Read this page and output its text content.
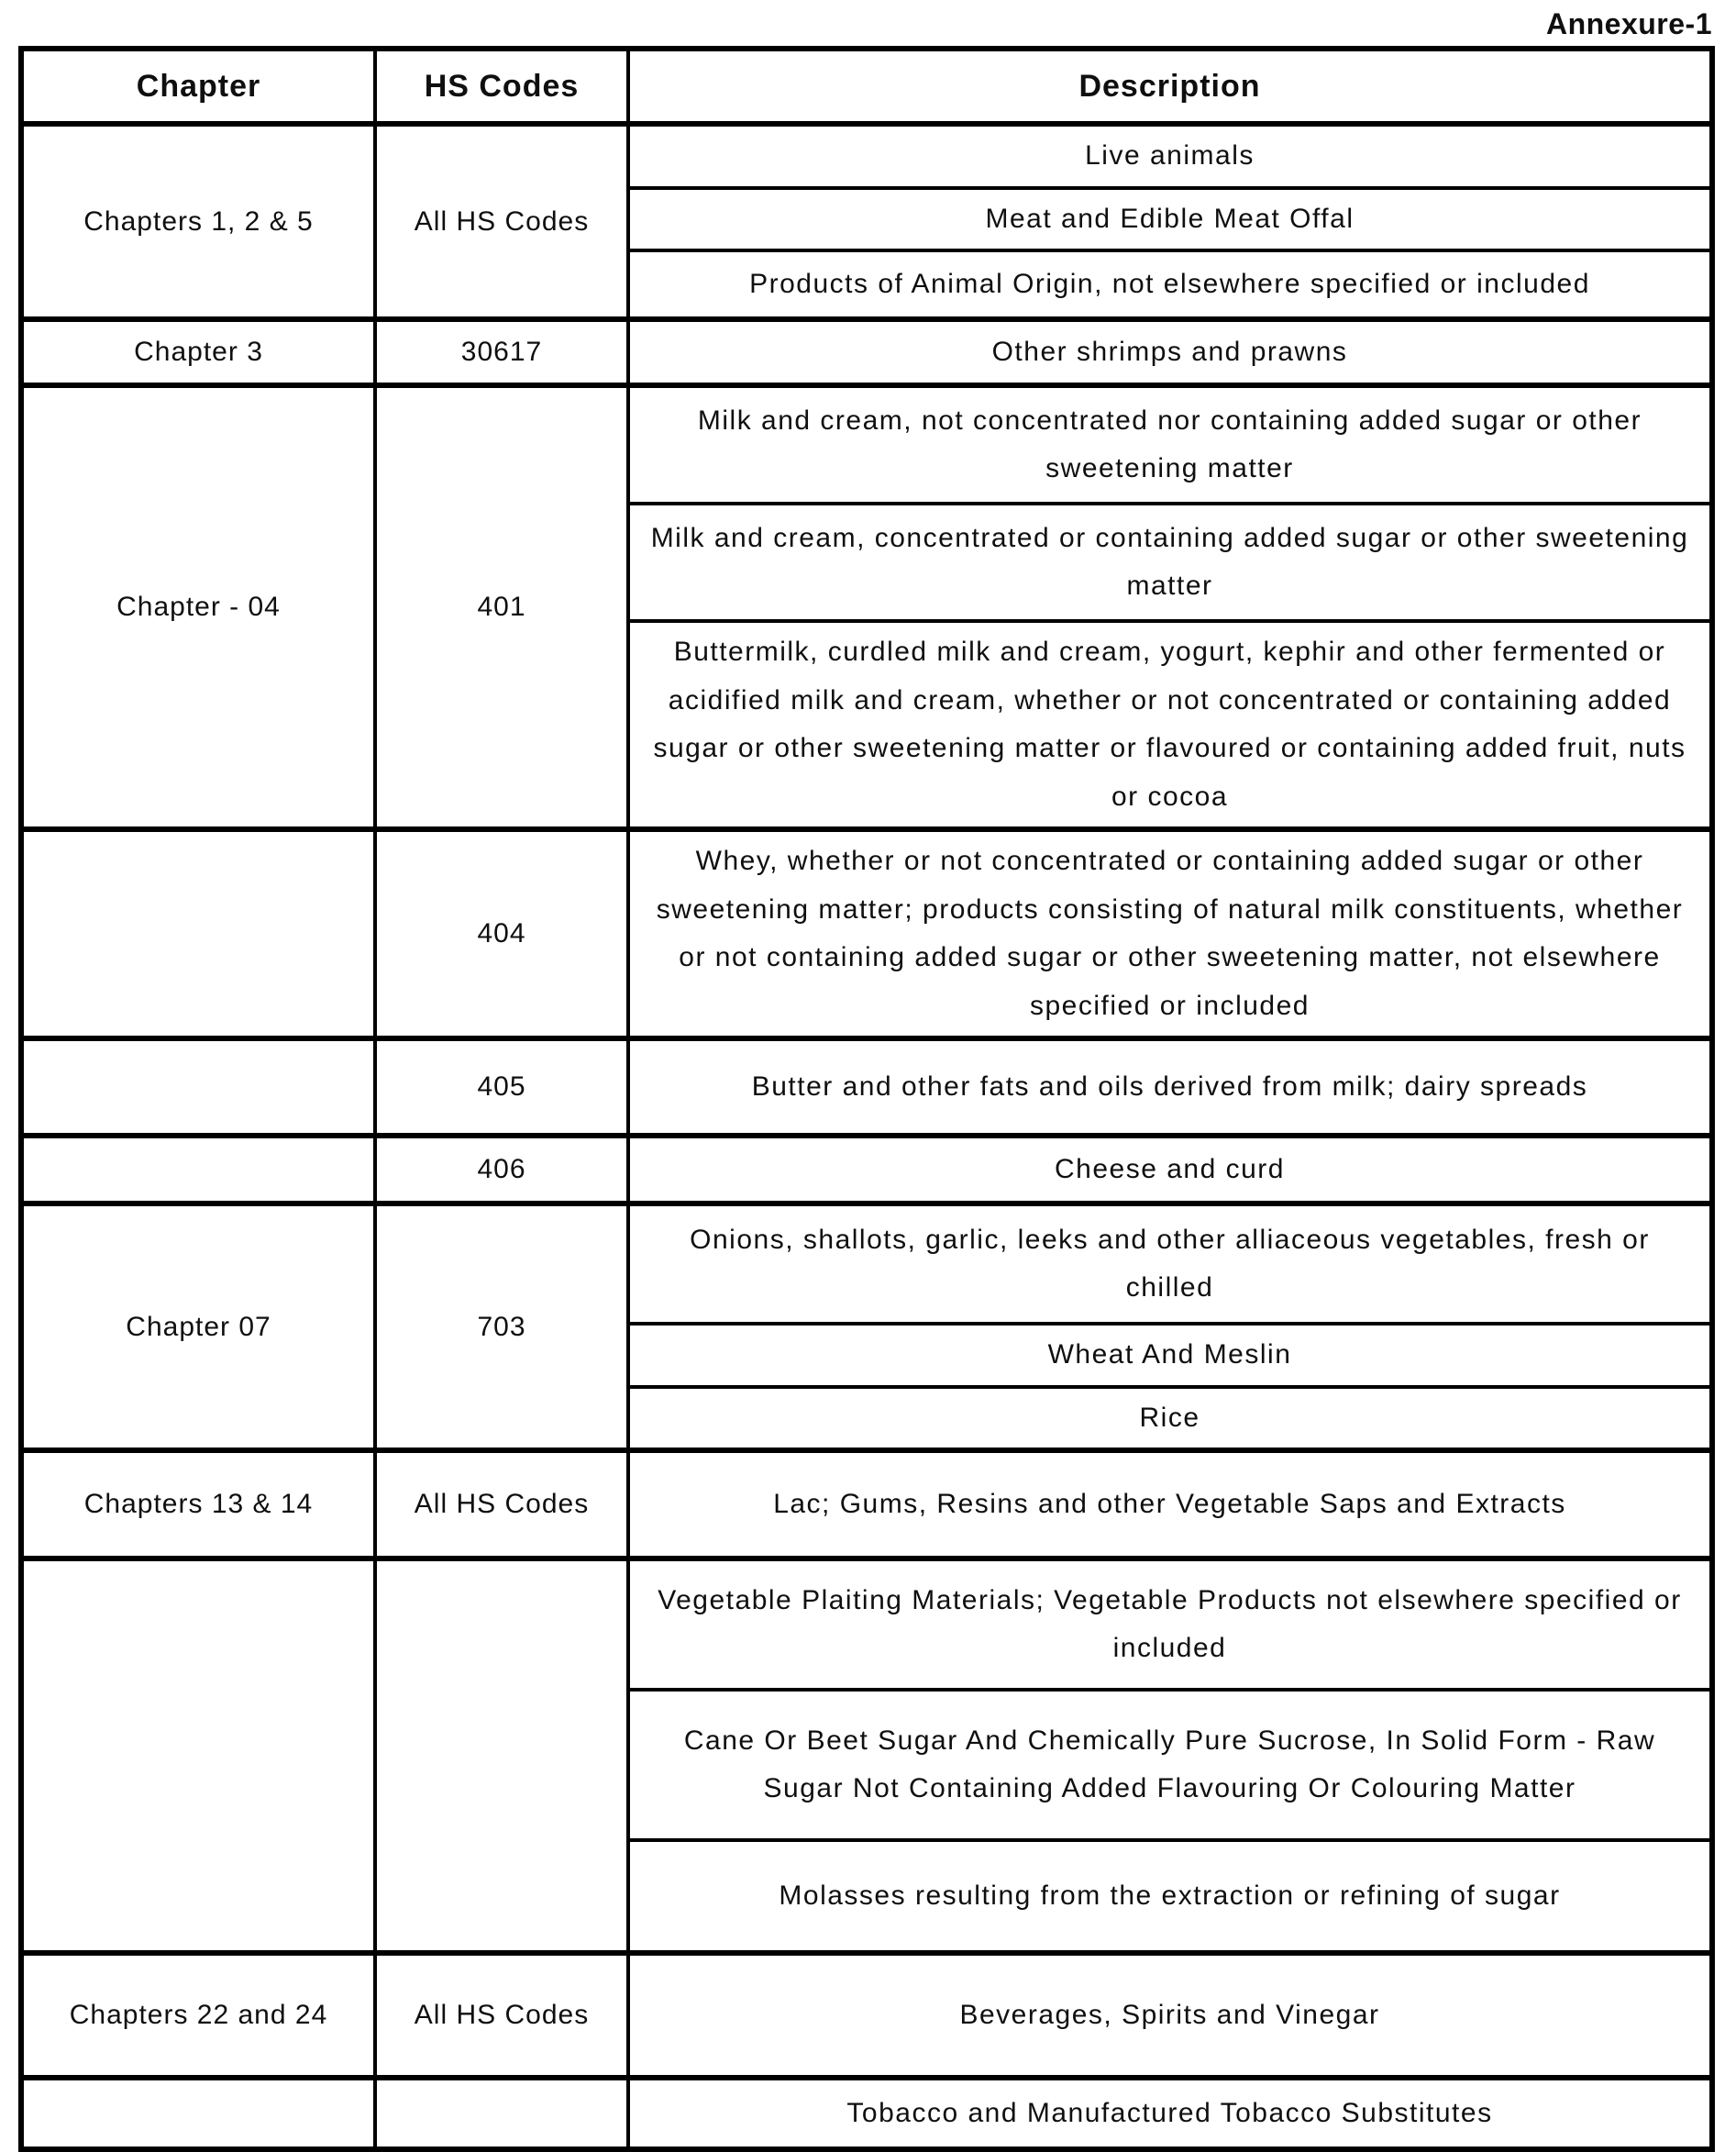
Annexure-1
Chapter	HS Codes	Description
Chapters 1, 2 & 5	All HS Codes	Live animals
		Meat and Edible Meat Offal
		Products of Animal Origin, not elsewhere specified or included
Chapter 3	30617	Other shrimps and prawns
Chapter - 04	401	Milk and cream, not concentrated nor containing added sugar or other sweetening matter
		Milk and cream, concentrated or containing added sugar or other sweetening matter
		Buttermilk, curdled milk and cream, yogurt, kephir and other fermented or acidified milk and cream, whether or not concentrated or containing added sugar or other sweetening matter or flavoured or containing added fruit, nuts or cocoa
	404	Whey, whether or not concentrated or containing added sugar or other sweetening matter; products consisting of natural milk constituents, whether or not containing added sugar or other sweetening matter, not elsewhere specified or included
	405	Butter and other fats and oils derived from milk; dairy spreads
	406	Cheese and curd
Chapter 07	703	Onions, shallots, garlic, leeks and other alliaceous vegetables, fresh or chilled
		Wheat And Meslin
		Rice
Chapters 13 & 14	All HS Codes	Lac; Gums, Resins and other Vegetable Saps and Extracts
		Vegetable Plaiting Materials; Vegetable Products not elsewhere specified or included
		Cane Or Beet Sugar And Chemically Pure Sucrose, In Solid Form - Raw Sugar Not Containing Added Flavouring Or Colouring Matter
		Molasses resulting from the extraction or refining of sugar
Chapters 22 and 24	All HS Codes	Beverages, Spirits and Vinegar
		Tobacco and Manufactured Tobacco Substitutes
